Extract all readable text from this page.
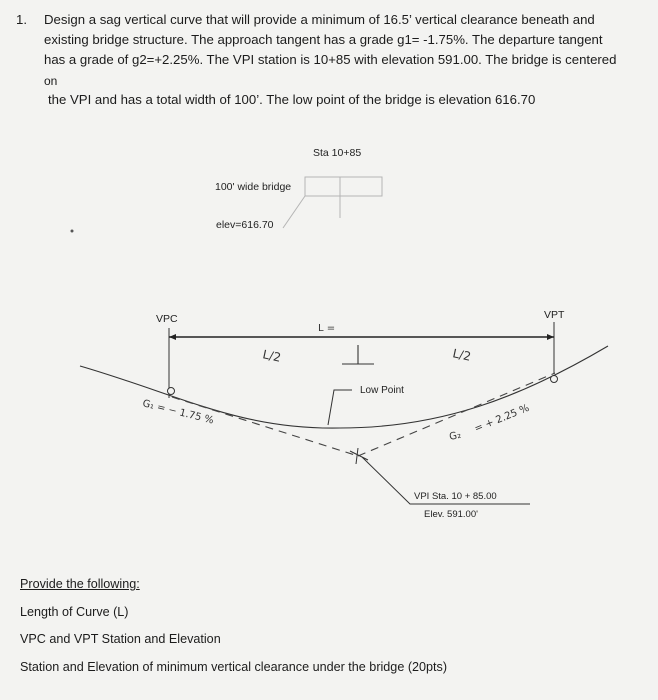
1. Design a sag vertical curve that will provide a minimum of 16.5’ vertical clearance beneath and
existing bridge structure. The approach tangent has a grade g1= -1.75%. The departure tangent
has a grade of g2=+2.25%. The VPI station is 10+85 with elevation 591.00. The bridge is centered
on
the VPI and has a total width of 100’. The low point of the bridge is elevation 616.70
Sta 10+85
100' wide bridge
elev=616.70
VPC	VPT
L =
L/2	L/2
Low Point
G₁ = − 1.75 %
G₂
= + 2.25 %
VPI Sta. 10 + 85.00
Elev. 591.00'
Provide the following:
Length of Curve (L)
VPC and VPT Station and Elevation
Station and Elevation of minimum vertical clearance under the bridge (20pts)
